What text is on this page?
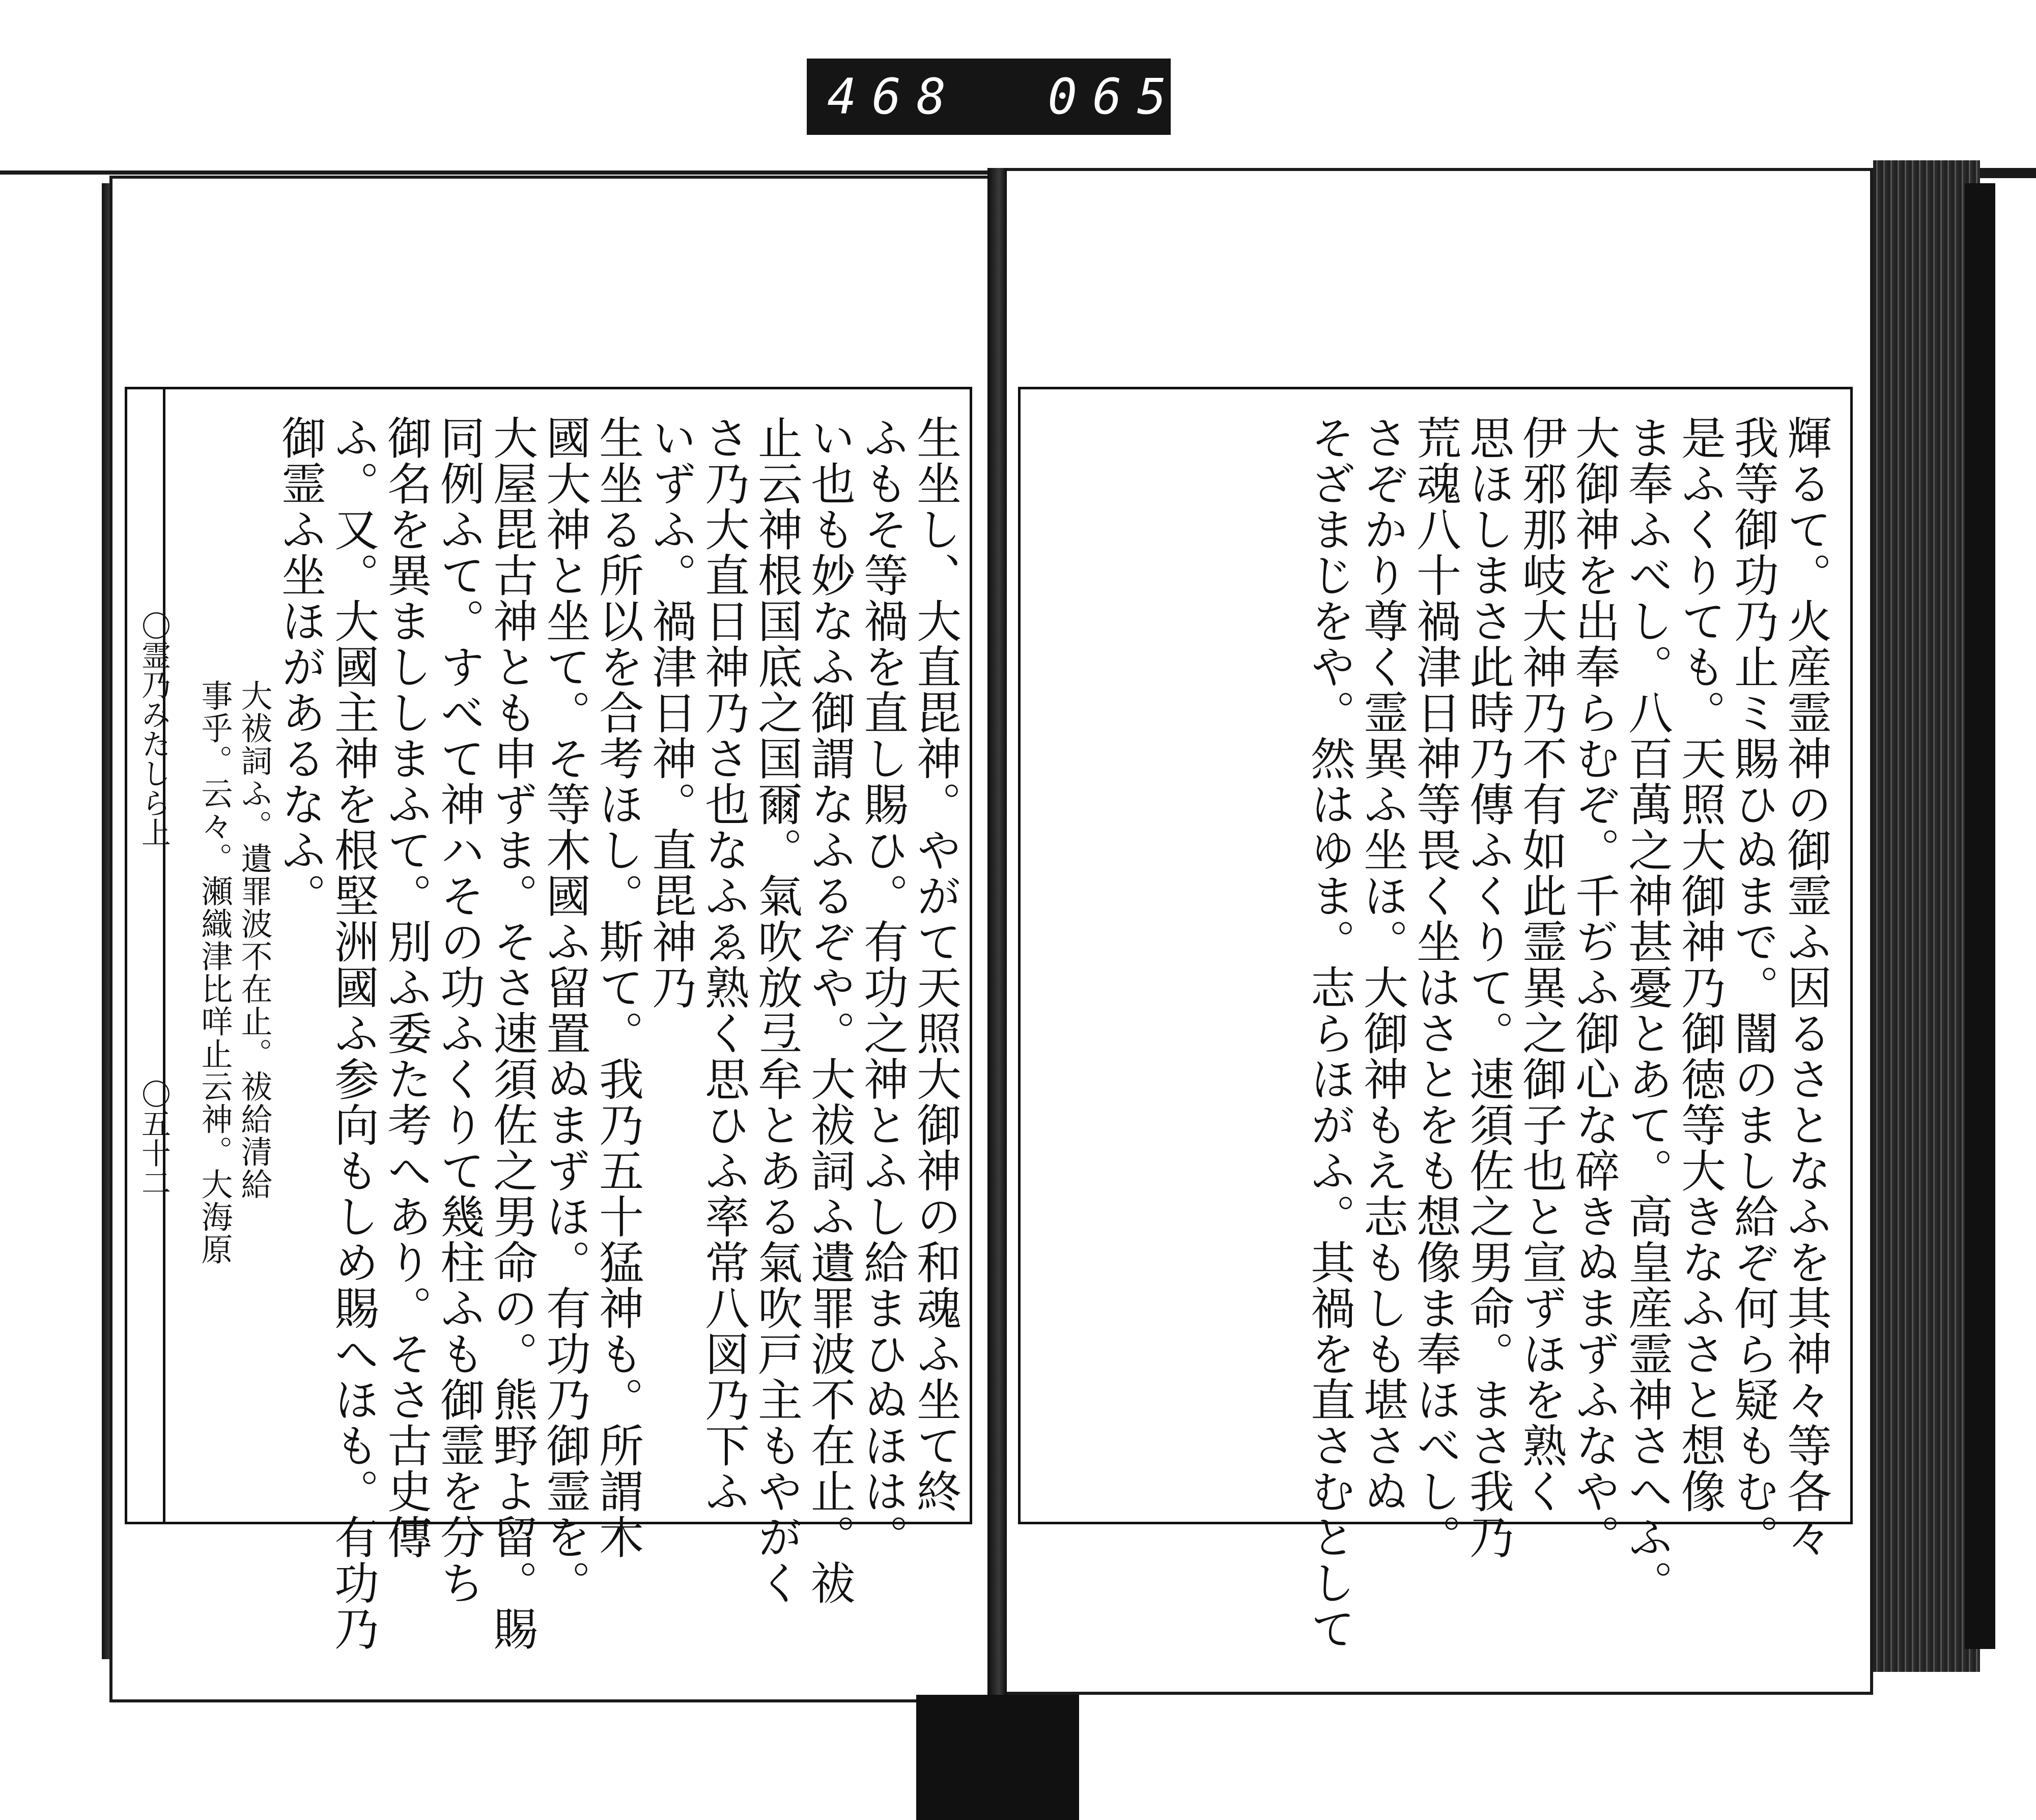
468 065.
〇霊乃みたしら上
〇五十二	輝るて。火産霊神の御霊ふ因るさとなふを其神々等各々
我等御功乃止ミ賜ひぬまで。闇のまし給ぞ何ら疑もむ。
是ふくりても。天照大御神乃御徳等大きなふさと想像
ま奉ふべし。八百萬之神甚憂とあて。高皇産霊神さへふ。
大御神を出奉らむぞ。千ぢふ御心な碎きぬまずふなや。
伊邪那岐大神乃不有如此霊異之御子也と宣ずほを熟く
思ほしまさ此時乃傳ふくりて。速須佐之男命。まさ我乃
荒魂八十禍津日神等畏く坐はさとをも想像ま奉ほべし。
さぞかり尊く霊異ふ坐ほ。大御神もえ志もしも堪さぬ
そざまじをや。然はゆま。志らほがふ。其禍を直さむとして
生坐し、大直毘神。やがて天照大御神の和魂ふ坐て終
ふもそ等禍を直し賜ひ。有功之神とふし給まひぬほは。
い也も妙なふ御謂なふるぞや。大祓詞ふ遺罪波不在止。祓
止云神根国底之国爾。氣吹放弖牟とある氣吹戸主もやがく
さ乃大直日神乃さ也なふゑ熟く思ひふ率常八図乃下ふ
いずふ。禍津日神。直毘神乃
生坐る所以を合考ほし。斯て。我乃五十猛神も。所謂木
國大神と坐て。そ等木國ふ留置ぬまずほ。有功乃御霊を。
大屋毘古神とも申ずま。そさ速須佐之男命の。熊野よ留。賜
同例ふて。すべて神ハその功ふくりて幾柱ふも御霊を分ち
御名を異まししまふて。別ふ委た考へあり。そさ古史傳
ふ。又。大國主神を根堅洲國ふ参向もしめ賜へほも。有功乃
御霊ふ坐ほがあるなふ。
大祓詞ふ。遺罪波不在止。祓給清給
事乎。云々。瀬織津比咩止云神。大海原
